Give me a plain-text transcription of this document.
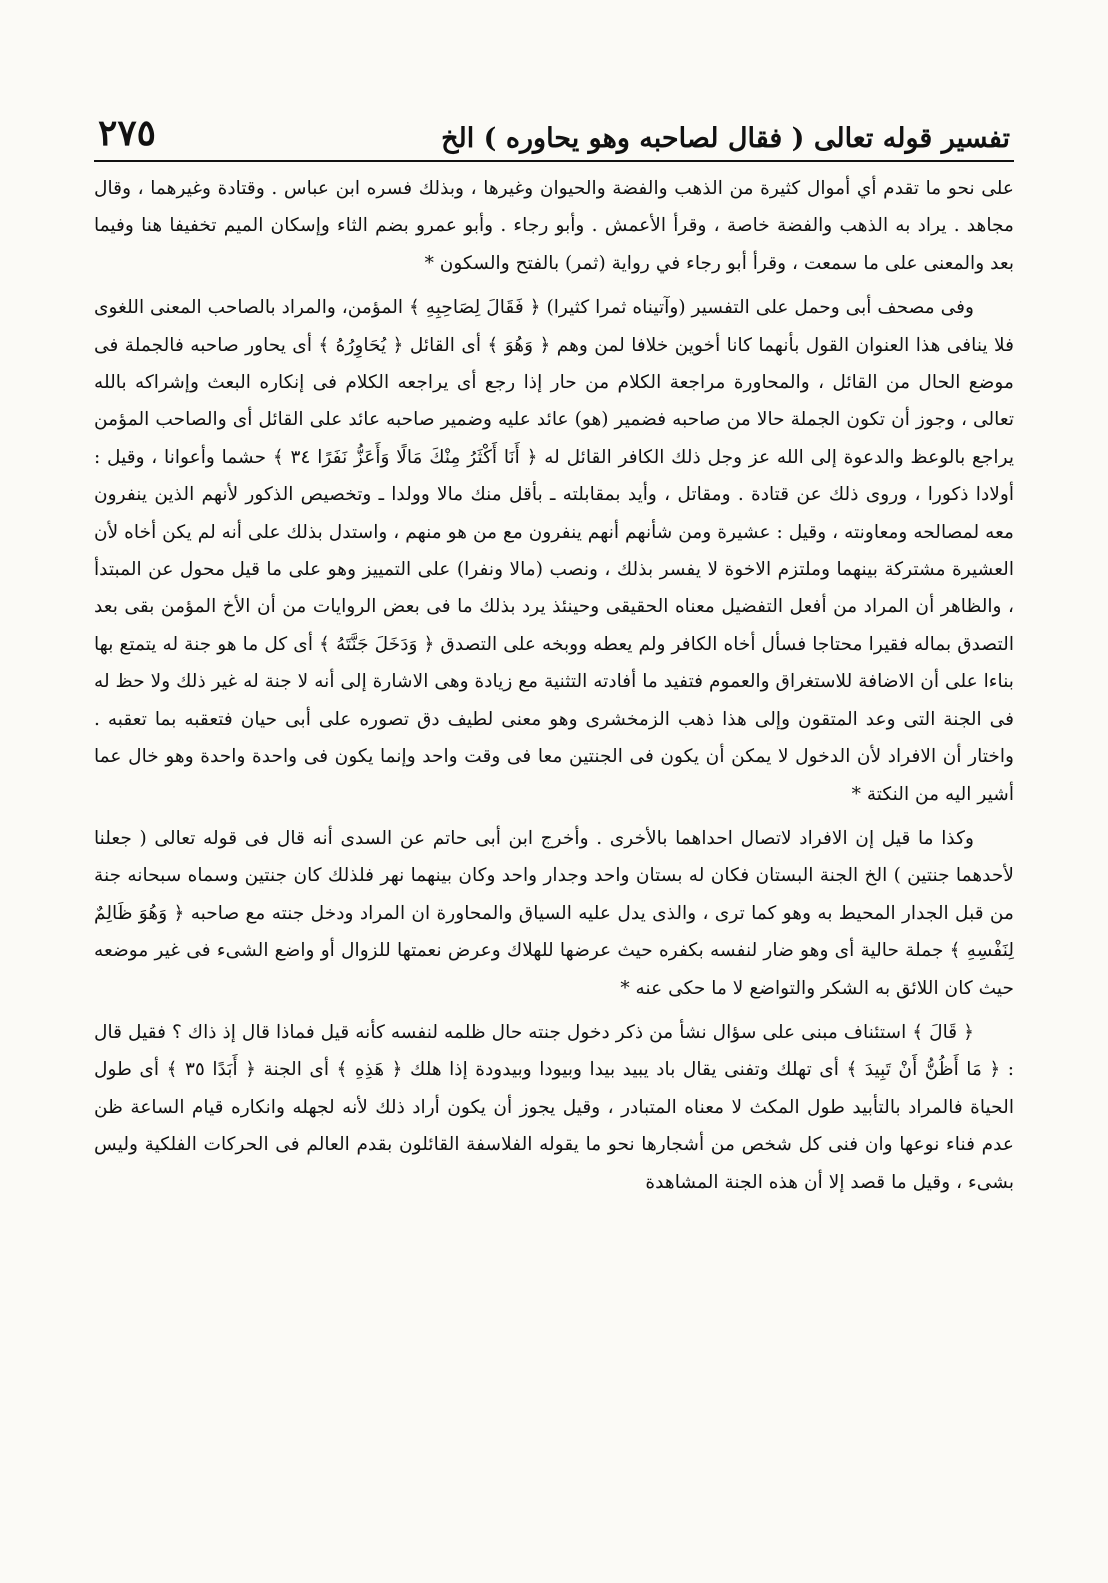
تفسير قوله تعالى ( فقال لصاحبه وهو يحاوره ) الخ
٢٧٥

على نحو ما تقدم أي أموال كثيرة من الذهب والفضة والحيوان وغيرها ، وبذلك فسره ابن عباس . وقتادة وغيرهما ، وقال مجاهد . يراد به الذهب والفضة خاصة ، وقرأ الأعمش . وأبو رجاء . وأبو عمرو بضم الثاء وإسكان الميم تخفيفا هنا وفيما بعد والمعنى على ما سمعت ، وقرأ أبو رجاء في رواية (ثمر) بالفتح والسكون *

وفى مصحف أبى وحمل على التفسير (وآتيناه ثمرا كثيرا) ﴿ فَقَالَ لِصَاحِبِهِ ﴾ المؤمن، والمراد بالصاحب المعنى اللغوى فلا ينافى هذا العنوان القول بأنهما كانا أخوين خلافا لمن وهم ﴿ وَهُوَ ﴾ أى القائل ﴿ يُحَاوِرُهُ ﴾ أى يحاور صاحبه فالجملة فى موضع الحال من القائل ، والمحاورة مراجعة الكلام من حار إذا رجع أى يراجعه الكلام فى إنكاره البعث وإشراكه بالله تعالى ، وجوز أن تكون الجملة حالا من صاحبه فضمير (هو) عائد عليه وضمير صاحبه عائد على القائل أى والصاحب المؤمن يراجع بالوعظ والدعوة إلى الله عز وجل ذلك الكافر القائل له ﴿ أَنَا أَكْثَرُ مِنْكَ مَالًا وَأَعَزُّ نَفَرًا ٣٤ ﴾ حشما وأعوانا ، وقيل : أولادا ذكورا ، وروى ذلك عن قتادة . ومقاتل ، وأيد بمقابلته ـ بأقل منك مالا وولدا ـ وتخصيص الذكور لأنهم الذين ينفرون معه لمصالحه ومعاونته ، وقيل : عشيرة ومن شأنهم أنهم ينفرون مع من هو منهم ، واستدل بذلك على أنه لم يكن أخاه لأن العشيرة مشتركة بينهما وملتزم الاخوة لا يفسر بذلك ، ونصب (مالا ونفرا) على التمييز وهو على ما قيل محول عن المبتدأ ، والظاهر أن المراد من أفعل التفضيل معناه الحقيقى وحينئذ يرد بذلك ما فى بعض الروايات من أن الأخ المؤمن بقى بعد التصدق بماله فقيرا محتاجا فسأل أخاه الكافر ولم يعطه ووبخه على التصدق ﴿ وَدَخَلَ جَنَّتَهُ ﴾ أى كل ما هو جنة له يتمتع بها بناءا على أن الاضافة للاستغراق والعموم فتفيد ما أفادته التثنية مع زيادة وهى الاشارة إلى أنه لا جنة له غير ذلك ولا حظ له فى الجنة التى وعد المتقون وإلى هذا ذهب الزمخشرى وهو معنى لطيف دق تصوره على أبى حيان فتعقبه بما تعقبه . واختار أن الافراد لأن الدخول لا يمكن أن يكون فى الجنتين معا فى وقت واحد وإنما يكون فى واحدة واحدة وهو خال عما أشير اليه من النكتة *

وكذا ما قيل إن الافراد لاتصال احداهما بالأخرى . وأخرج ابن أبى حاتم عن السدى أنه قال فى قوله تعالى ( جعلنا لأحدهما جنتين ) الخ الجنة البستان فكان له بستان واحد وجدار واحد وكان بينهما نهر فلذلك كان جنتين وسماه سبحانه جنة من قبل الجدار المحيط به وهو كما ترى ، والذى يدل عليه السياق والمحاورة ان المراد ودخل جنته مع صاحبه ﴿ وَهُوَ ظَالِمٌ لِنَفْسِهِ ﴾ جملة حالية أى وهو ضار لنفسه بكفره حيث عرضها للهلاك وعرض نعمتها للزوال أو واضع الشىء فى غير موضعه حيث كان اللائق به الشكر والتواضع لا ما حكى عنه *

﴿ قَالَ ﴾ استئناف مبنى على سؤال نشأ من ذكر دخول جنته حال ظلمه لنفسه كأنه قيل فماذا قال إذ ذاك ؟ فقيل قال : ﴿ مَا أَظُنُّ أَنْ تَبِيدَ ﴾ أى تهلك وتفنى يقال باد يبيد بيدا وبيودا وبيدودة إذا هلك ﴿ هَذِهِ ﴾ أى الجنة ﴿ أَبَدًا ٣٥ ﴾ أى طول الحياة فالمراد بالتأبيد طول المكث لا معناه المتبادر ، وقيل يجوز أن يكون أراد ذلك لأنه لجهله وانكاره قيام الساعة ظن عدم فناء نوعها وان فنى كل شخص من أشجارها نحو ما يقوله الفلاسفة القائلون بقدم العالم فى الحركات الفلكية وليس بشىء ، وقيل ما قصد إلا أن هذه الجنة المشاهدة
